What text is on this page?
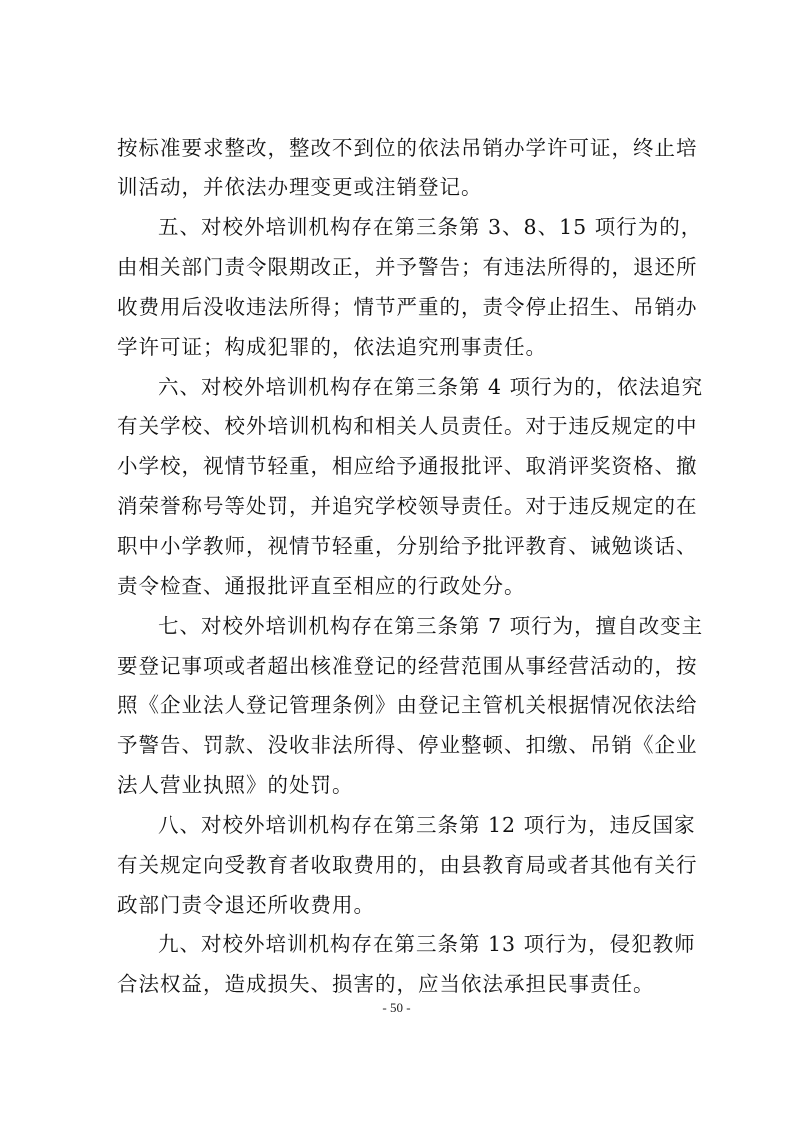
按标准要求整改，整改不到位的依法吊销办学许可证，终止培
训活动，并依法办理变更或注销登记。
五、对校外培训机构存在第三条第 3、8、15 项行为的，
由相关部门责令限期改正，并予警告；有违法所得的，退还所
收费用后没收违法所得；情节严重的，责令停止招生、吊销办
学许可证；构成犯罪的，依法追究刑事责任。
六、对校外培训机构存在第三条第 4 项行为的，依法追究
有关学校、校外培训机构和相关人员责任。对于违反规定的中
小学校，视情节轻重，相应给予通报批评、取消评奖资格、撤
消荣誉称号等处罚，并追究学校领导责任。对于违反规定的在
职中小学教师，视情节轻重，分别给予批评教育、诫勉谈话、
责令检查、通报批评直至相应的行政处分。
七、对校外培训机构存在第三条第 7 项行为，擅自改变主
要登记事项或者超出核准登记的经营范围从事经营活动的，按
照《企业法人登记管理条例》由登记主管机关根据情况依法给
予警告、罚款、没收非法所得、停业整顿、扣缴、吊销《企业
法人营业执照》的处罚。
八、对校外培训机构存在第三条第 12 项行为，违反国家
有关规定向受教育者收取费用的，由县教育局或者其他有关行
政部门责令退还所收费用。
九、对校外培训机构存在第三条第 13 项行为，侵犯教师
合法权益，造成损失、损害的，应当依法承担民事责任。
- 50 -
